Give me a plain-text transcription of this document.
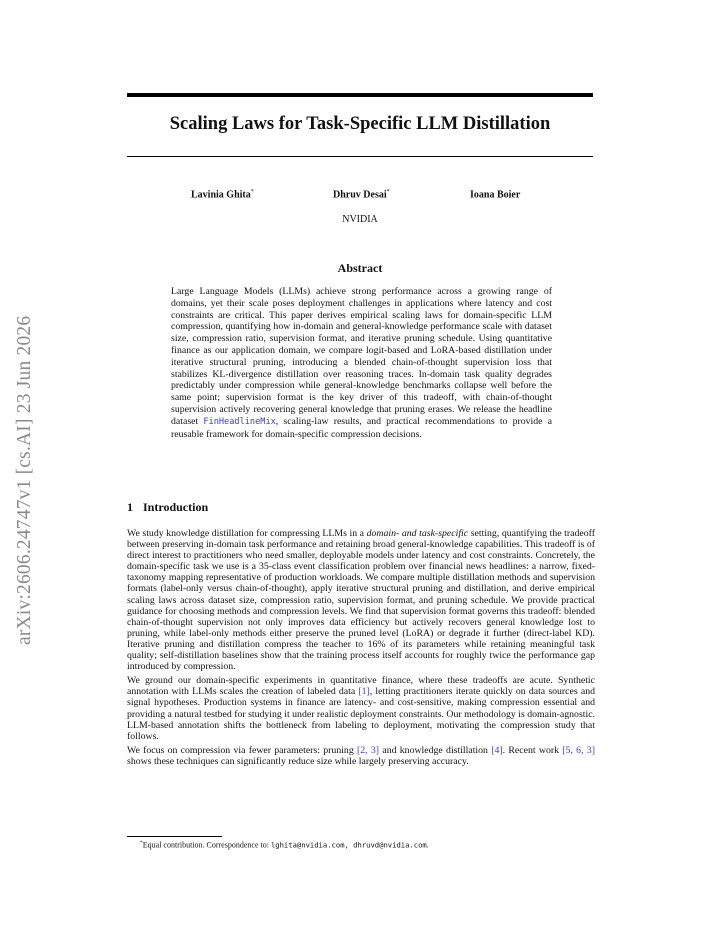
arXiv:2606.24747v1 [cs.AI] 23 Jun 2026
Scaling Laws for Task-Specific LLM Distillation
Lavinia Ghita*	Dhruv Desai*	Ioana Boier
NVIDIA
Abstract
Large Language Models (LLMs) achieve strong performance across a growing range of domains, yet their scale poses deployment challenges in applications where latency and cost constraints are critical. This paper derives empirical scaling laws for domain-specific LLM compression, quantifying how in-domain and general-knowledge performance scale with dataset size, compression ratio, supervision format, and iterative pruning schedule. Using quantitative finance as our application domain, we compare logit-based and LoRA-based distillation under iterative structural pruning, introducing a blended chain-of-thought supervision loss that stabilizes KL-divergence distillation over reasoning traces. In-domain task quality degrades predictably under compression while general-knowledge benchmarks collapse well before the same point; supervision format is the key driver of this tradeoff, with chain-of-thought supervision actively recovering general knowledge that pruning erases. We release the headline dataset FinHeadlineMix, scaling-law results, and practical recommendations to provide a reusable framework for domain-specific compression decisions.
1 Introduction

We study knowledge distillation for compressing LLMs in a domain- and task-specific setting, quantifying the tradeoff between preserving in-domain task performance and retaining broad general-knowledge capabilities. This tradeoff is of direct interest to practitioners who need smaller, deployable models under latency and cost constraints. Concretely, the domain-specific task we use is a 35-class event classification problem over financial news headlines: a narrow, fixed-taxonomy mapping representative of production workloads. We compare multiple distillation methods and supervision formats (label-only versus chain-of-thought), apply iterative structural pruning and distillation, and derive empirical scaling laws across dataset size, compression ratio, supervision format, and pruning schedule. We provide practical guidance for choosing methods and compression levels. We find that supervision format governs this tradeoff: blended chain-of-thought supervision not only improves data efficiency but actively recovers general knowledge lost to pruning, while label-only methods either preserve the pruned level (LoRA) or degrade it further (direct-label KD). Iterative pruning and distillation compress the teacher to 16% of its parameters while retaining meaningful task quality; self-distillation baselines show that the training process itself accounts for roughly twice the performance gap introduced by compression.

We ground our domain-specific experiments in quantitative finance, where these tradeoffs are acute. Synthetic annotation with LLMs scales the creation of labeled data [1], letting practitioners iterate quickly on data sources and signal hypotheses. Production systems in finance are latency- and cost-sensitive, making compression essential and providing a natural testbed for studying it under realistic deployment constraints. Our methodology is domain-agnostic. LLM-based annotation shifts the bottleneck from labeling to deployment, motivating the compression study that follows.

We focus on compression via fewer parameters: pruning [2, 3] and knowledge distillation [4]. Recent work [5, 6, 3] shows these techniques can significantly reduce size while largely preserving accuracy.

*Equal contribution. Correspondence to: lghita@nvidia.com, dhruvd@nvidia.com.
